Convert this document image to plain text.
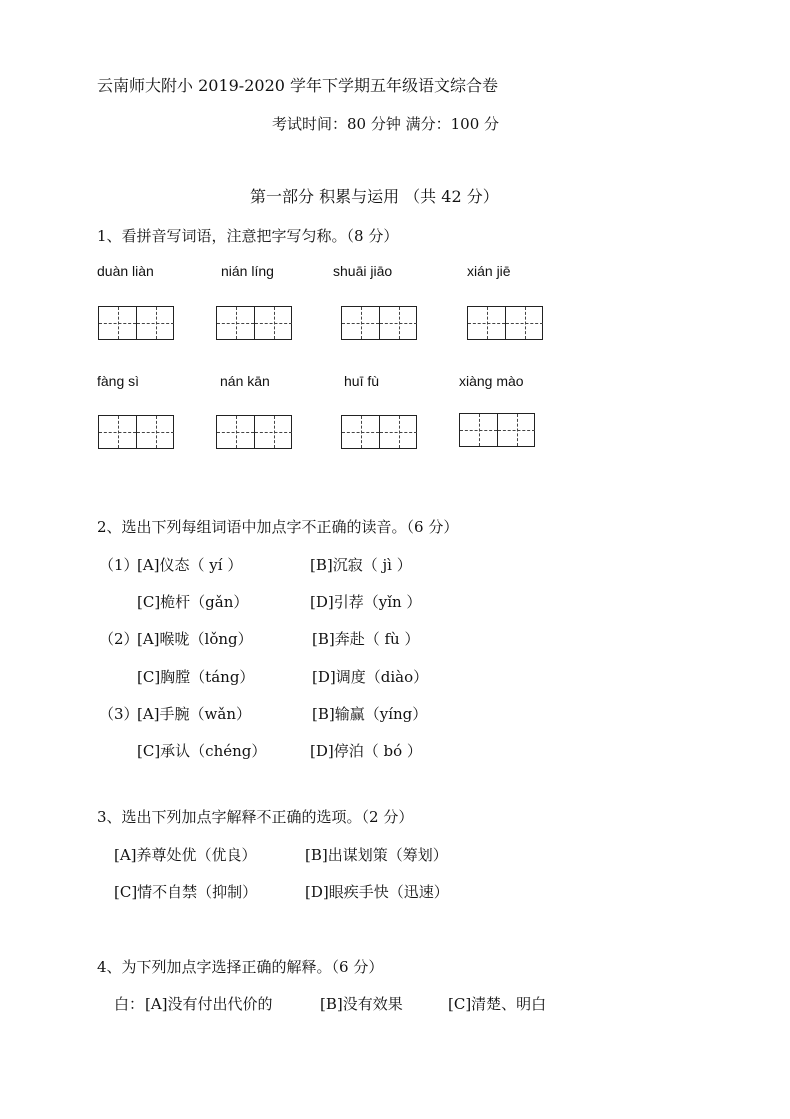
云南师大附小 2019-2020 学年下学期五年级语文综合卷
考试时间：80 分钟 满分：100 分
第一部分 积累与运用 （共 42 分）
1、看拼音写词语，注意把字写匀称。（8 分）
duàn liàn	nián líng	shuāi jiāo	xián jiē
fàng sì	nán kān	huī fù	xiàng mào
2、选出下列每组词语中加点字不正确的读音。（6 分）
（1）
[A]仪态（ yí ）	[B]沉寂（ jì ）
[C]桅杆（gǎn）	[D]引荐（yǐn ）
（2）
[A]喉咙（lǒng）	[B]奔赴（ fù ）
[C]胸膛（táng）	[D]调度（diào）
（3）
[A]手腕（wǎn）	[B]输赢（yíng）
[C]承认（chéng）	[D]停泊（ bó ）
3、选出下列加点字解释不正确的选项。（2 分）
[A]养尊处优（优良）	[B]出谋划策（筹划）
[C]情不自禁（抑制）	[D]眼疾手快（迅速）
4、为下列加点字选择正确的解释。（6 分）
白： [A]没有付出代价的	[B]没有效果	[C]清楚、明白
